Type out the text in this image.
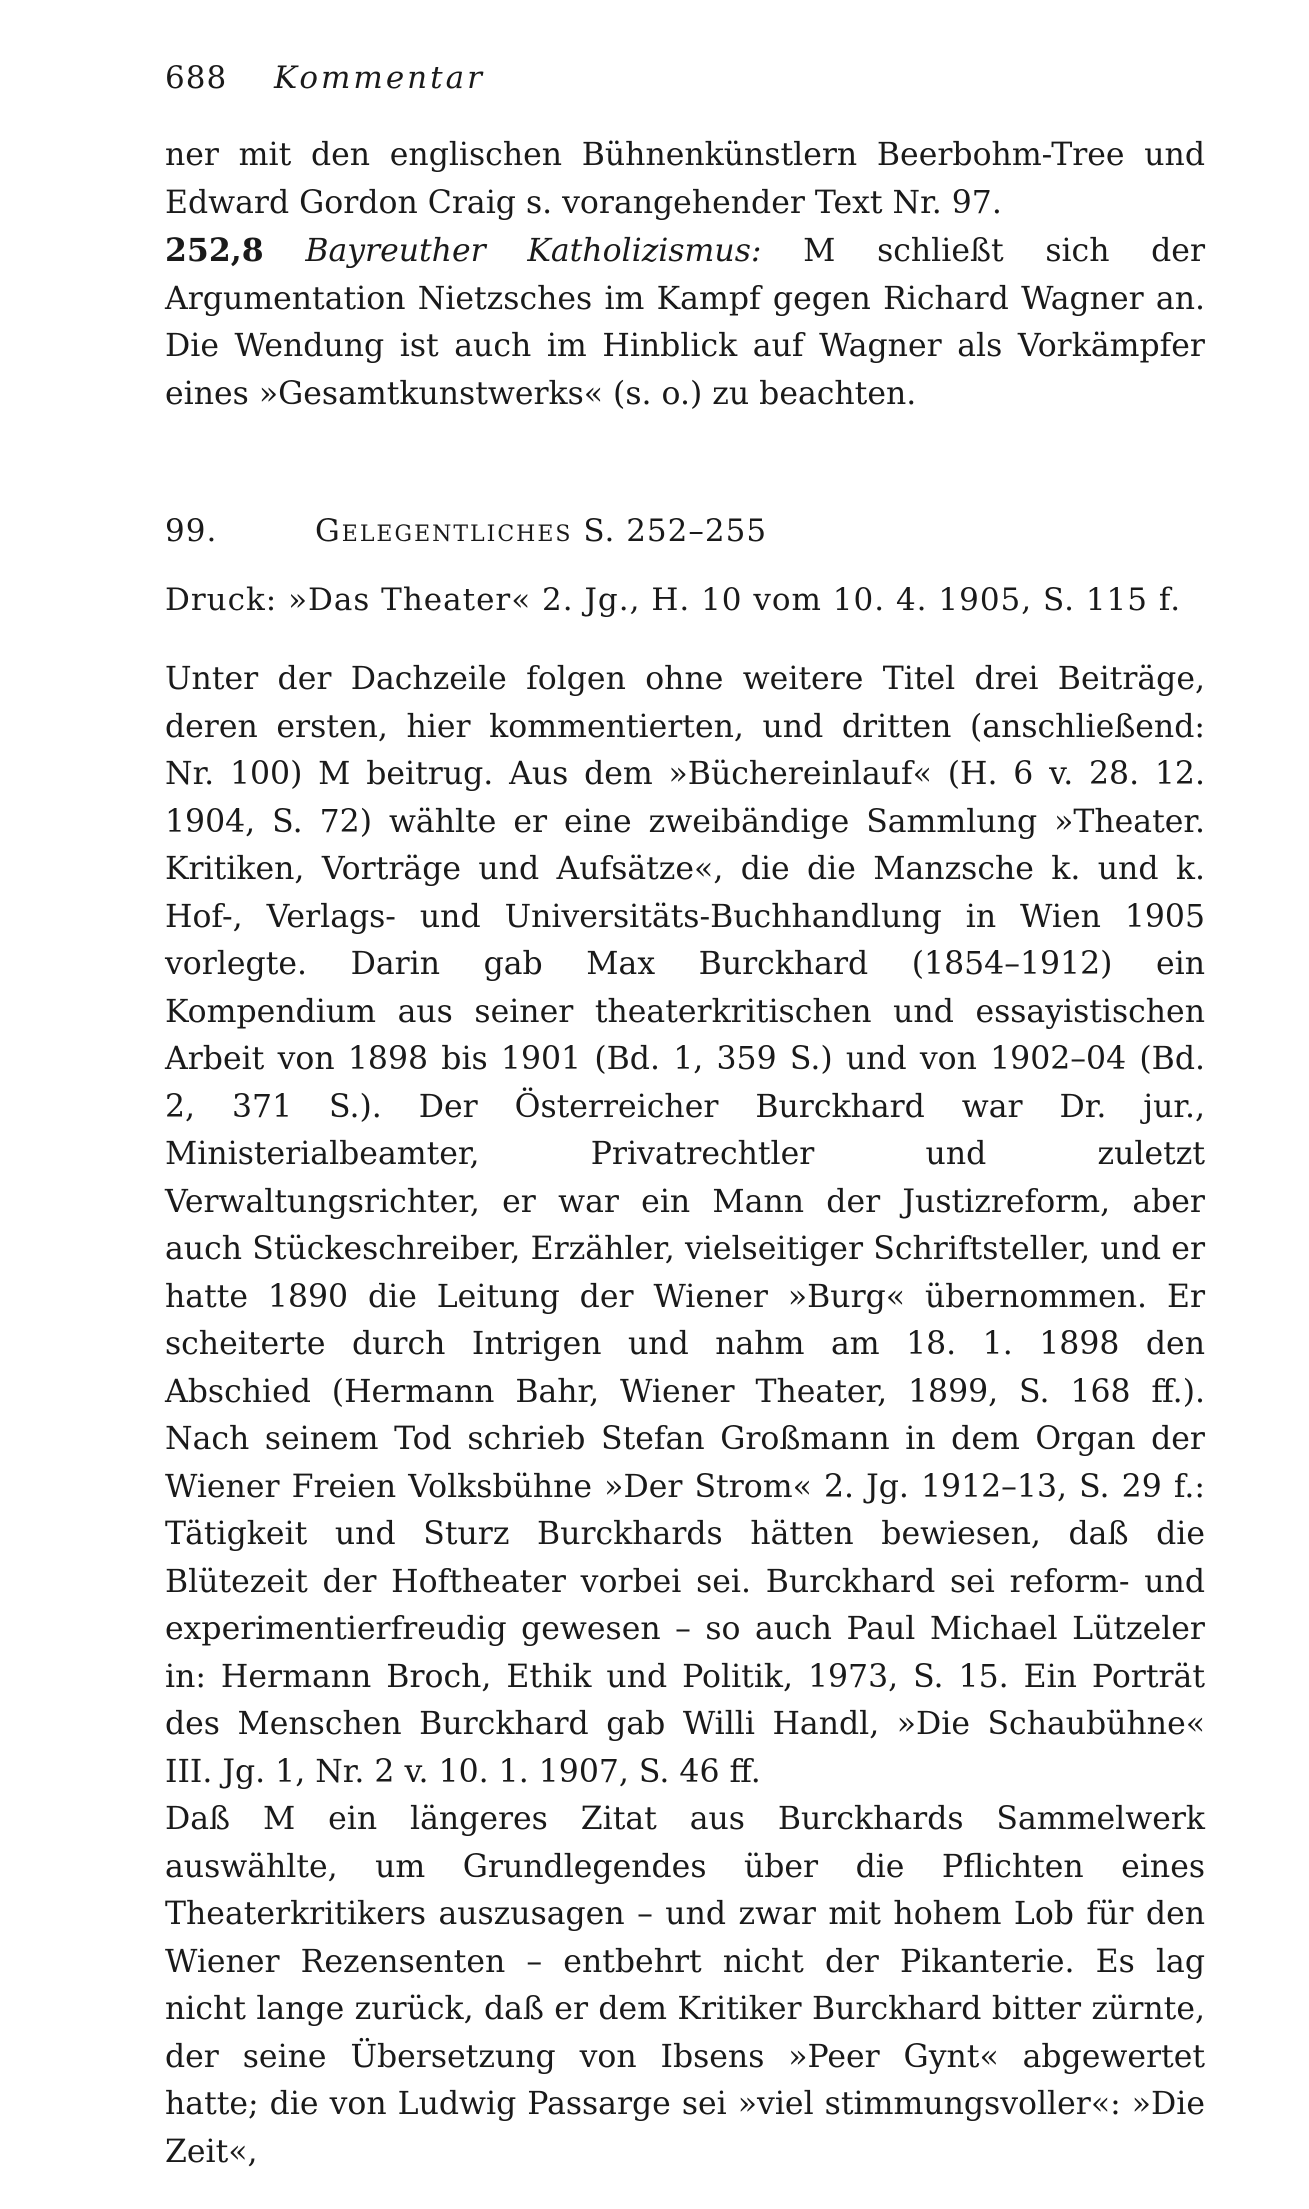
688 Kommentar

ner mit den englischen Bühnenkünstlern Beerbohm-Tree und Edward Gordon Craig s. vorangehender Text Nr. 97.

252,8 Bayreuther Katholizismus: M schließt sich der Argumentation Nietzsches im Kampf gegen Richard Wagner an. Die Wendung ist auch im Hinblick auf Wagner als Vorkämpfer eines »Gesamtkunstwerks« (s. o.) zu beachten.

99.	Gelegentliches S. 252–255
Druck: »Das Theater« 2. Jg., H. 10 vom 10. 4. 1905, S. 115 f.

Unter der Dachzeile folgen ohne weitere Titel drei Beiträge, deren ersten, hier kommentierten, und dritten (anschließend: Nr. 100) M beitrug. Aus dem »Büchereinlauf« (H. 6 v. 28. 12. 1904, S. 72) wählte er eine zweibändige Sammlung »Theater. Kritiken, Vorträge und Aufsätze«, die die Manzsche k. und k. Hof-, Verlags- und Universitäts-Buchhandlung in Wien 1905 vorlegte. Darin gab Max Burckhard (1854–1912) ein Kompendium aus seiner theaterkritischen und essayistischen Arbeit von 1898 bis 1901 (Bd. 1, 359 S.) und von 1902–04 (Bd. 2, 371 S.). Der Österreicher Burckhard war Dr. jur., Ministerialbeamter, Privatrechtler und zuletzt Verwaltungsrichter, er war ein Mann der Justizreform, aber auch Stückeschreiber, Erzähler, vielseitiger Schriftsteller, und er hatte 1890 die Leitung der Wiener »Burg« übernommen. Er scheiterte durch Intrigen und nahm am 18. 1. 1898 den Abschied (Hermann Bahr, Wiener Theater, 1899, S. 168 ff.). Nach seinem Tod schrieb Stefan Großmann in dem Organ der Wiener Freien Volksbühne »Der Strom« 2. Jg. 1912–13, S. 29 f.: Tätigkeit und Sturz Burckhards hätten bewiesen, daß die Blütezeit der Hoftheater vorbei sei. Burckhard sei reform- und experimentierfreudig gewesen – so auch Paul Michael Lützeler in: Hermann Broch, Ethik und Politik, 1973, S. 15. Ein Porträt des Menschen Burckhard gab Willi Handl, »Die Schaubühne« III. Jg. 1, Nr. 2 v. 10. 1. 1907, S. 46 ff.

Daß M ein längeres Zitat aus Burckhards Sammelwerk auswählte, um Grundlegendes über die Pflichten eines Theaterkritikers auszusagen – und zwar mit hohem Lob für den Wiener Rezensenten – entbehrt nicht der Pikanterie. Es lag nicht lange zurück, daß er dem Kritiker Burckhard bitter zürnte, der seine Übersetzung von Ibsens »Peer Gynt« abgewertet hatte; die von Ludwig Passarge sei »viel stimmungsvoller«: »Die Zeit«,
